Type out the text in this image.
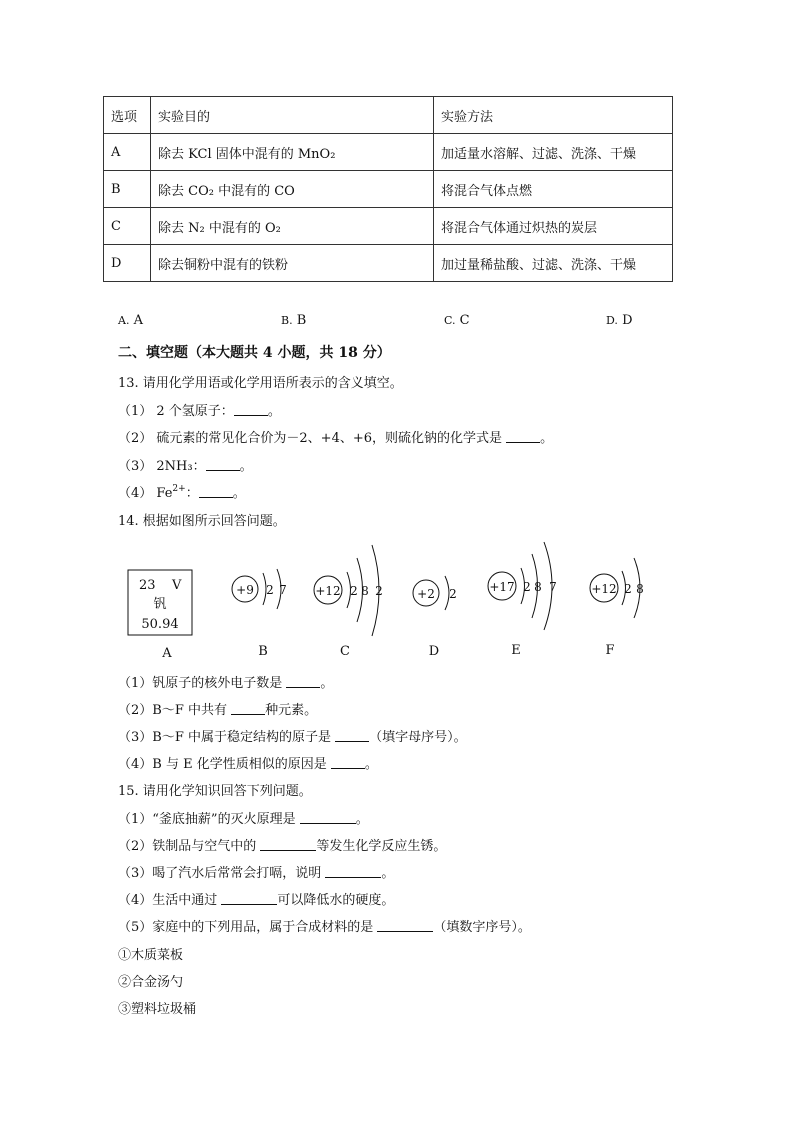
选项	实验目的	实验方法
A	除去 KCl 固体中混有的 MnO₂	加适量水溶解、过滤、洗涤、干燥
B	除去 CO₂ 中混有的 CO	将混合气体点燃
C	除去 N₂ 中混有的 O₂	将混合气体通过炽热的炭层
D	除去铜粉中混有的铁粉	加过量稀盐酸、过滤、洗涤、干燥
A. A	B. B	C. C	D. D
二、填空题（本大题共 4 小题，共 18 分）
13. 请用化学用语或化学用语所表示的含义填空。
（1） 2 个氢原子：	。
（2） 硫元素的常见化合价为－2、+4、+6，则硫化钠的化学式是	。
（3） 2NH₃：	。
（4） $Fe^{2+}$：	。
14. 根据如图所示回答问题。
23 V
钒
50.94
A
+9 2 7
B
+12 2 8 2
C
+2 2
D
+17 2 8 7
E
+12 2 8
F
（1）钒原子的核外电子数是	。
（2）B～F 中共有	种元素。
（3）B～F 中属于稳定结构的原子是	（填字母序号）。
（4）B 与 E 化学性质相似的原因是	。
15. 请用化学知识回答下列问题。
（1）“釜底抽薪”的灭火原理是	。
（2）铁制品与空气中的	等发生化学反应生锈。
（3）喝了汽水后常常会打嗝，说明	。
（4）生活中通过	可以降低水的硬度。
（5）家庭中的下列用品，属于合成材料的是	（填数字序号）。
①木质菜板
②合金汤勺
③塑料垃圾桶
